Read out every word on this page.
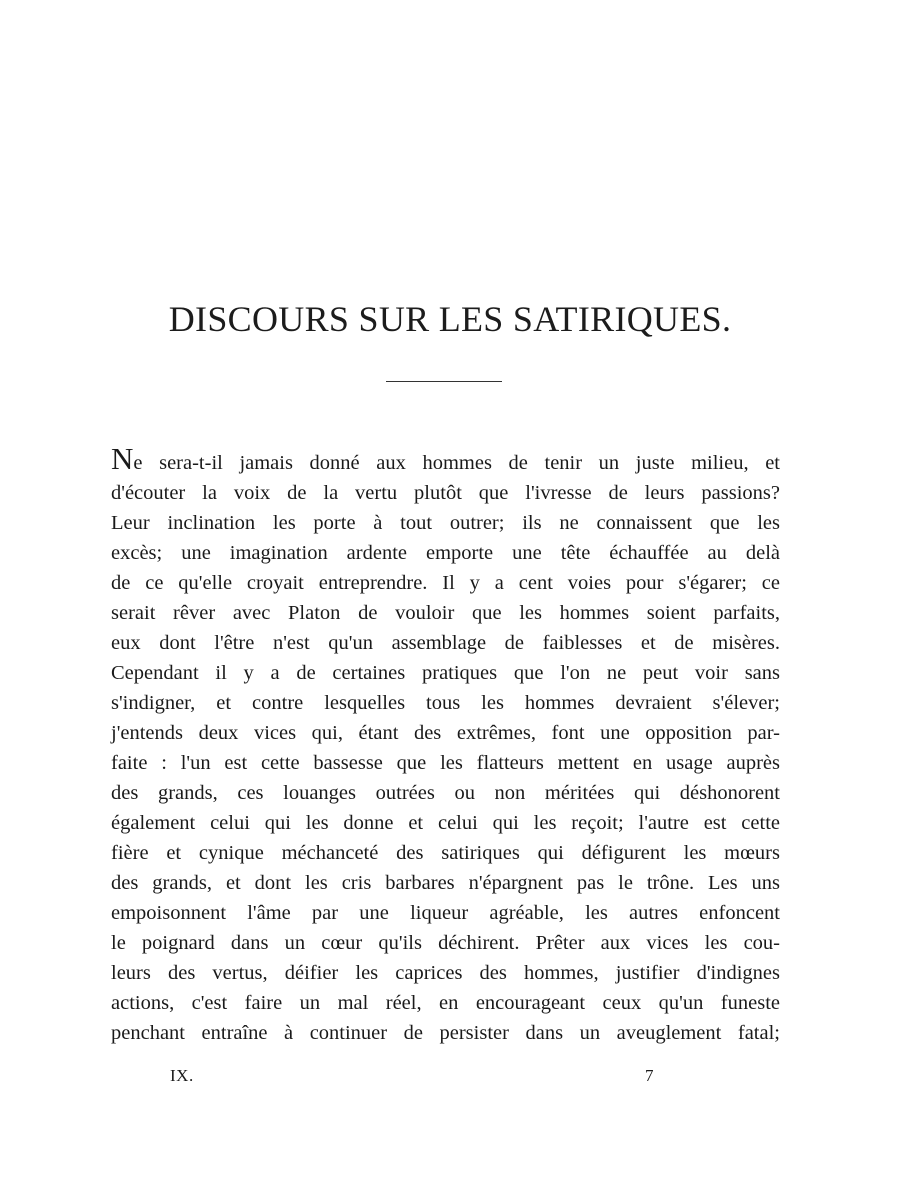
DISCOURS SUR LES SATIRIQUES.
Ne sera-t-il jamais donné aux hommes de tenir un juste milieu, et
d'écouter la voix de la vertu plutôt que l'ivresse de leurs passions?
Leur inclination les porte à tout outrer; ils ne connaissent que les
excès; une imagination ardente emporte une tête échauffée au delà
de ce qu'elle croyait entreprendre. Il y a cent voies pour s'égarer; ce
serait rêver avec Platon de vouloir que les hommes soient parfaits,
eux dont l'être n'est qu'un assemblage de faiblesses et de misères.
Cependant il y a de certaines pratiques que l'on ne peut voir sans
s'indigner, et contre lesquelles tous les hommes devraient s'élever;
j'entends deux vices qui, étant des extrêmes, font une opposition par-
faite : l'un est cette bassesse que les flatteurs mettent en usage auprès
des grands, ces louanges outrées ou non méritées qui déshonorent
également celui qui les donne et celui qui les reçoit; l'autre est cette
fière et cynique méchanceté des satiriques qui défigurent les mœurs
des grands, et dont les cris barbares n'épargnent pas le trône. Les uns
empoisonnent l'âme par une liqueur agréable, les autres enfoncent
le poignard dans un cœur qu'ils déchirent. Prêter aux vices les cou-
leurs des vertus, déifier les caprices des hommes, justifier d'indignes
actions, c'est faire un mal réel, en encourageant ceux qu'un funeste
penchant entraîne à continuer de persister dans un aveuglement fatal;
IX.	7
